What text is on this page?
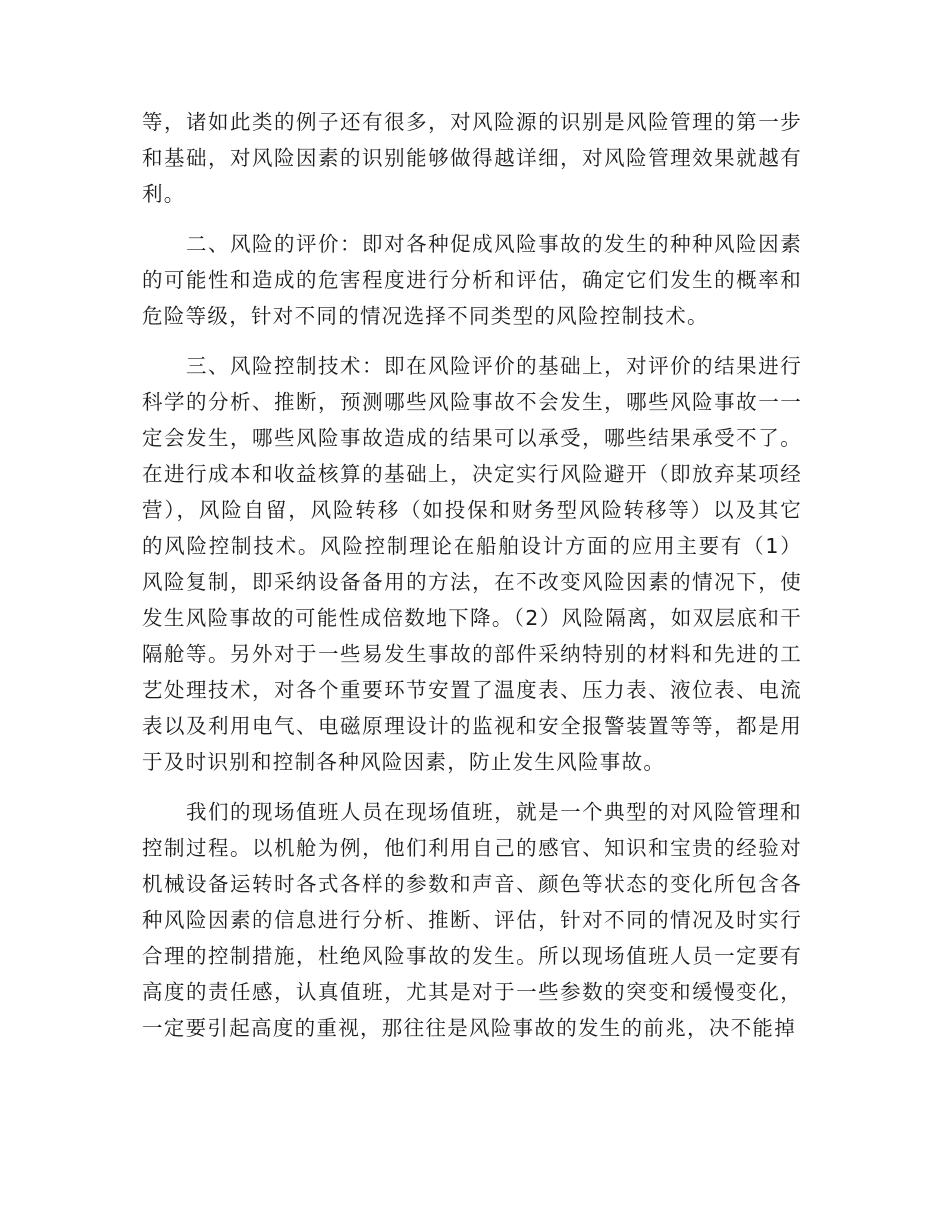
等，诸如此类的例子还有很多，对风险源的识别是风险管理的第一步和基础，对风险因素的识别能够做得越详细，对风险管理效果就越有利。

二、风险的评价：即对各种促成风险事故的发生的种种风险因素的可能性和造成的危害程度进行分析和评估，确定它们发生的概率和危险等级，针对不同的情况选择不同类型的风险控制技术。

三、风险控制技术：即在风险评价的基础上，对评价的结果进行科学的分析、推断，预测哪些风险事故不会发生，哪些风险事故一一定会发生，哪些风险事故造成的结果可以承受，哪些结果承受不了。在进行成本和收益核算的基础上，决定实行风险避开（即放弃某项经营），风险自留，风险转移（如投保和财务型风险转移等）以及其它的风险控制技术。风险控制理论在船舶设计方面的应用主要有（1）风险复制，即采纳设备备用的方法，在不改变风险因素的情况下，使发生风险事故的可能性成倍数地下降。（2）风险隔离，如双层底和干隔舱等。另外对于一些易发生事故的部件采纳特别的材料和先进的工艺处理技术，对各个重要环节安置了温度表、压力表、液位表、电流表以及利用电气、电磁原理设计的监视和安全报警装置等等，都是用于及时识别和控制各种风险因素，防止发生风险事故。

我们的现场值班人员在现场值班，就是一个典型的对风险管理和控制过程。以机舱为例，他们利用自己的感官、知识和宝贵的经验对机械设备运转时各式各样的参数和声音、颜色等状态的变化所包含各种风险因素的信息进行分析、推断、评估，针对不同的情况及时实行合理的控制措施，杜绝风险事故的发生。所以现场值班人员一定要有高度的责任感，认真值班，尤其是对于一些参数的突变和缓慢变化，一定要引起高度的重视，那往往是风险事故的发生的前兆，决不能掉
